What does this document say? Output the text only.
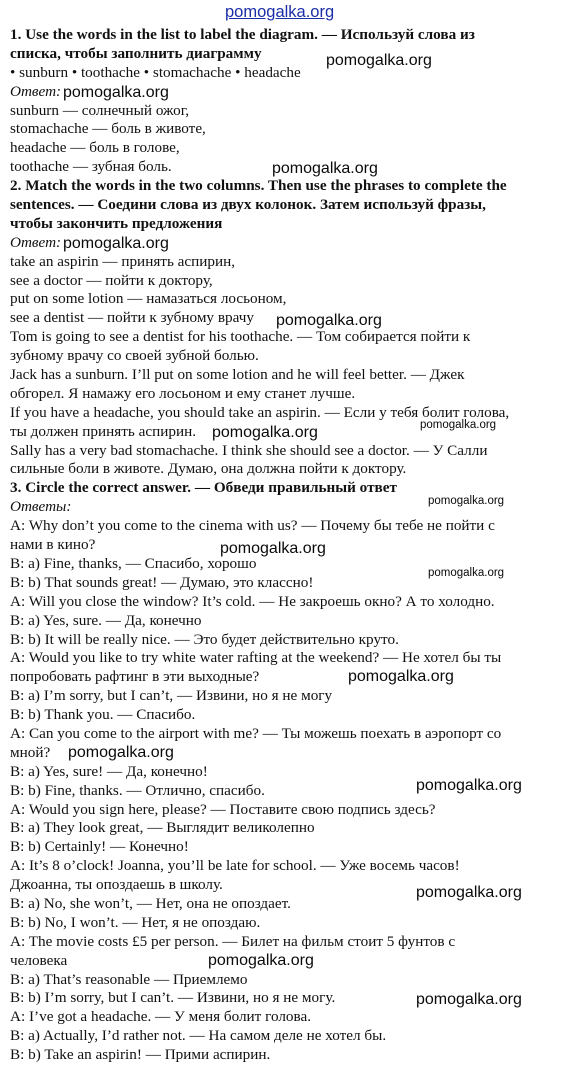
pomogalka.org
1. Use the words in the list to label the diagram. — Используй слова из
списка, чтобы заполнить диаграмму
• sunburn • toothache • stomachache • headache
Ответ:
sunburn — солнечный ожог,
stomachache — боль в животе,
headache — боль в голове,
toothache — зубная боль.
2. Match the words in the two columns. Then use the phrases to complete the
sentences. — Соедини слова из двух колонок. Затем используй фразы,
чтобы закончить предложения
Ответ:
take an aspirin — принять аспирин,
see a doctor — пойти к доктору,
put on some lotion — намазаться лосьоном,
see a dentist — пойти к зубному врачу
Tom is going to see a dentist for his toothache. — Том собирается пойти к
зубному врачу со своей зубной болью.
Jack has a sunburn. I’ll put on some lotion and he will feel better. — Джек
обгорел. Я намажу его лосьоном и ему станет лучше.
If you have a headache, you should take an aspirin. — Если у тебя болит голова,
ты должен принять аспирин.
Sally has a very bad stomachache. I think she should see a doctor. — У Салли
сильные боли в животе. Думаю, она должна пойти к доктору.
3. Circle the correct answer. — Обведи правильный ответ
Ответы:
A: Why don’t you come to the cinema with us? — Почему бы тебе не пойти с
нами в кино?
B: a) Fine, thanks, — Спасибо, хорошо
B: b) That sounds great! — Думаю, это классно!
A: Will you close the window? It’s cold. — Не закроешь окно? А то холодно.
B: a) Yes, sure. — Да, конечно
B: b) It will be really nice. — Это будет действительно круто.
A: Would you like to try white water rafting at the weekend? — Не хотел бы ты
попробовать рафтинг в эти выходные?
B: a) I’m sorry, but I can’t, — Извини, но я не могу
B: b) Thank you. — Спасибо.
A: Can you come to the airport with me? — Ты можешь поехать в аэропорт со
мной?
B: a) Yes, sure! — Да, конечно!
B: b) Fine, thanks. — Отлично, спасибо.
A: Would you sign here, please? — Поставите свою подпись здесь?
B: a) They look great, — Выглядит великолепно
B: b) Certainly! — Конечно!
A: It’s 8 o’clock! Joanna, you’ll be late for school. — Уже восемь часов!
Джоанна, ты опоздаешь в школу.
B: a) No, she won’t, — Нет, она не опоздает.
B: b) No, I won’t. — Нет, я не опоздаю.
A: The movie costs £5 per person. — Билет на фильм стоит 5 фунтов с
человека
B: a) That’s reasonable — Приемлемо
B: b) I’m sorry, but I can’t. — Извини, но я не могу.
A: I’ve got a headache. — У меня болит голова.
B: a) Actually, I’d rather not. — На самом деле не хотел бы.
B: b) Take an aspirin! — Прими аспирин.
pomogalka.org
pomogalka.org
pomogalka.org
pomogalka.org
pomogalka.org
pomogalka.org	pomogalka.org
pomogalka.org
pomogalka.org
pomogalka.org
pomogalka.org
pomogalka.org
pomogalka.org
pomogalka.org
pomogalka.org
pomogalka.org
